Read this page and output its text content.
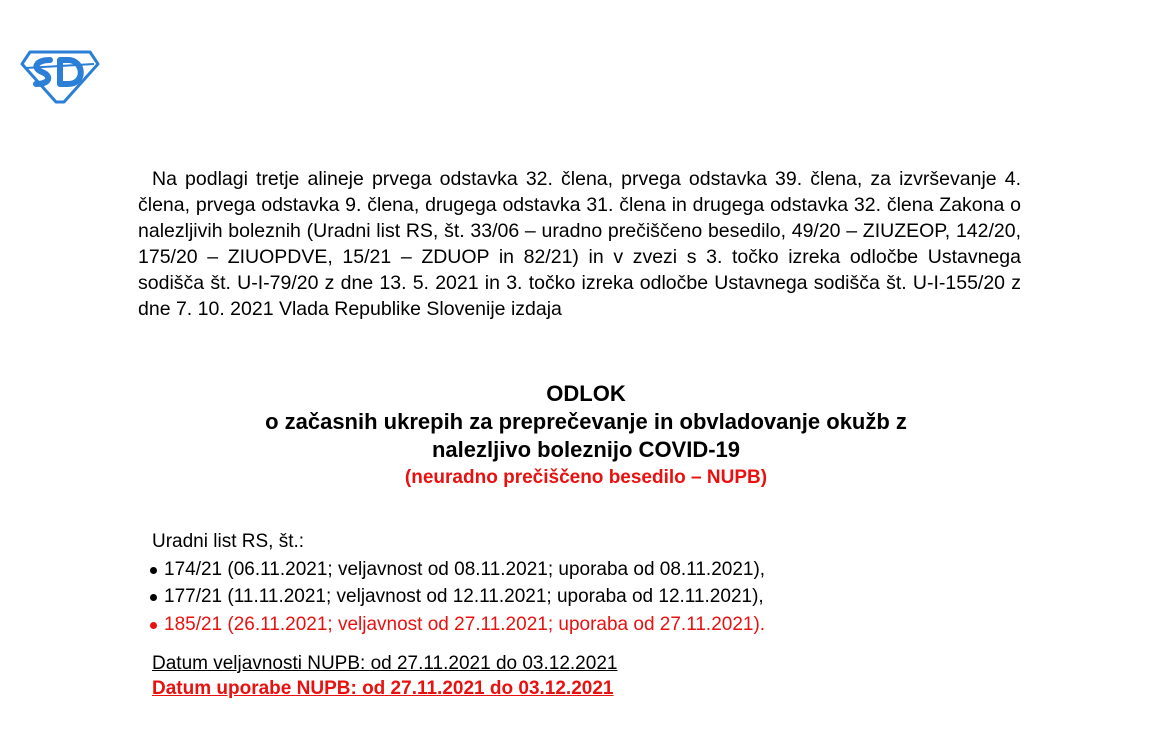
Na podlagi tretje alineje prvega odstavka 32. člena, prvega odstavka 39. člena, za izvrševanje 4. člena, prvega odstavka 9. člena, drugega odstavka 31. člena in drugega odstavka 32. člena Zakona o nalezljivih boleznih (Uradni list RS, št. 33/06 – uradno prečiščeno besedilo, 49/20 – ZIUZEOP, 142/20, 175/20 – ZIUOPDVE, 15/21 – ZDUOP in 82/21) in v zvezi s 3. točko izreka odločbe Ustavnega sodišča št. U-I-79/20 z dne 13. 5. 2021 in 3. točko izreka odločbe Ustavnega sodišča št. U-I-155/20 z dne 7. 10. 2021 Vlada Republike Slovenije izdaja

ODLOK
o začasnih ukrepih za preprečevanje in obvladovanje okužb z
nalezljivo boleznijo COVID-19
(neuradno prečiščeno besedilo – NUPB)
Uradni list RS, št.:
174/21 (06.11.2021; veljavnost od 08.11.2021; uporaba od 08.11.2021),
177/21 (11.11.2021; veljavnost od 12.11.2021; uporaba od 12.11.2021),
185/21 (26.11.2021; veljavnost od 27.11.2021; uporaba od 27.11.2021).
Datum veljavnosti NUPB: od 27.11.2021 do 03.12.2021
Datum uporabe NUPB: od 27.11.2021 do 03.12.2021
